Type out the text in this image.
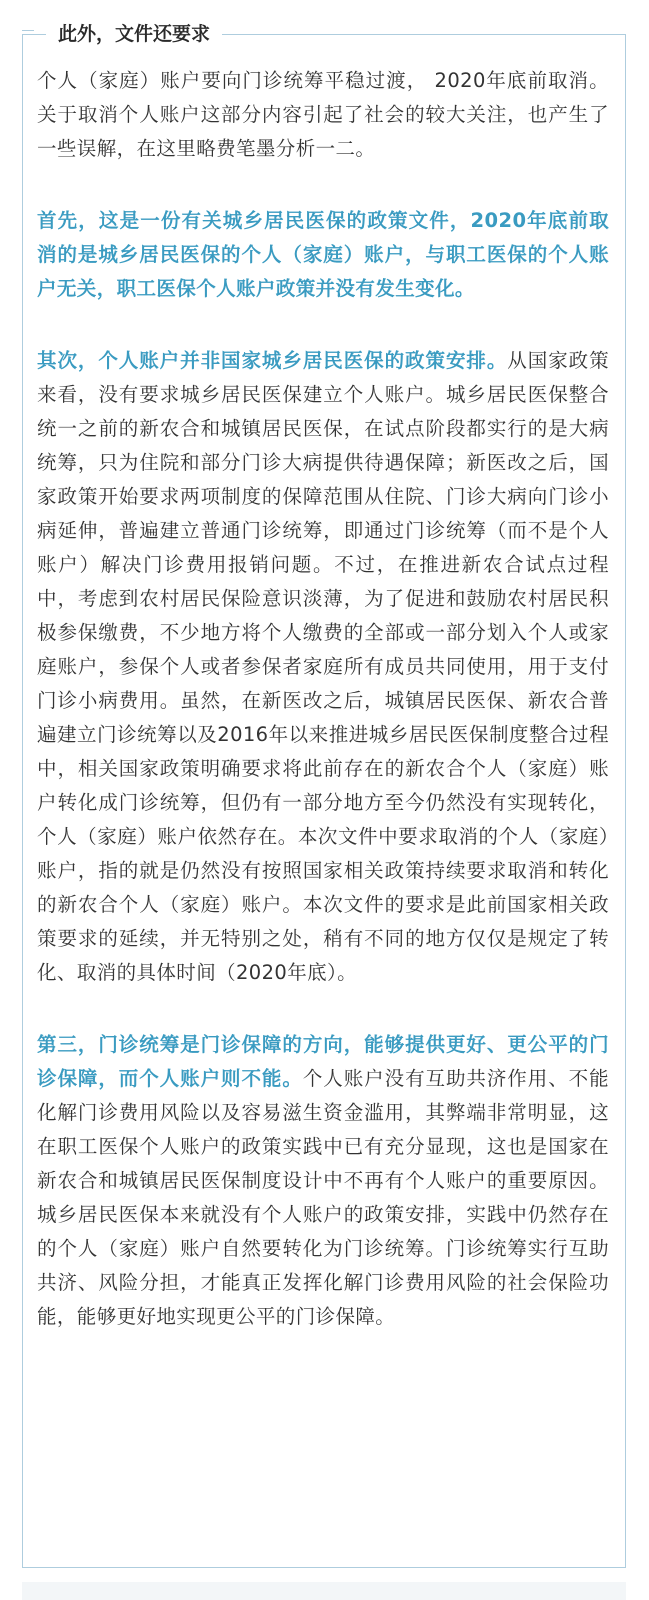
此外，文件还要求

个人（家庭）账户要向门诊统筹平稳过渡， 2020年底前取消。关于取消个人账户这部分内容引起了社会的较大关注，也产生了一些误解，在这里略费笔墨分析一二。

首先，这是一份有关城乡居民医保的政策文件，2020年底前取消的是城乡居民医保的个人（家庭）账户，与职工医保的个人账户无关，职工医保个人账户政策并没有发生变化。

其次，个人账户并非国家城乡居民医保的政策安排。从国家政策来看，没有要求城乡居民医保建立个人账户。城乡居民医保整合统一之前的新农合和城镇居民医保，在试点阶段都实行的是大病统筹，只为住院和部分门诊大病提供待遇保障；新医改之后，国家政策开始要求两项制度的保障范围从住院、门诊大病向门诊小病延伸，普遍建立普通门诊统筹，即通过门诊统筹（而不是个人账户）解决门诊费用报销问题。不过，在推进新农合试点过程中，考虑到农村居民保险意识淡薄，为了促进和鼓励农村居民积极参保缴费，不少地方将个人缴费的全部或一部分划入个人或家庭账户，参保个人或者参保者家庭所有成员共同使用，用于支付门诊小病费用。虽然，在新医改之后，城镇居民医保、新农合普遍建立门诊统筹以及2016年以来推进城乡居民医保制度整合过程中，相关国家政策明确要求将此前存在的新农合个人（家庭）账户转化成门诊统筹，但仍有一部分地方至今仍然没有实现转化，个人（家庭）账户依然存在。本次文件中要求取消的个人（家庭）账户，指的就是仍然没有按照国家相关政策持续要求取消和转化的新农合个人（家庭）账户。本次文件的要求是此前国家相关政策要求的延续，并无特别之处，稍有不同的地方仅仅是规定了转化、取消的具体时间（2020年底）。

第三，门诊统筹是门诊保障的方向，能够提供更好、更公平的门诊保障，而个人账户则不能。个人账户没有互助共济作用、不能化解门诊费用风险以及容易滋生资金滥用，其弊端非常明显，这在职工医保个人账户的政策实践中已有充分显现，这也是国家在新农合和城镇居民医保制度设计中不再有个人账户的重要原因。城乡居民医保本来就没有个人账户的政策安排，实践中仍然存在的个人（家庭）账户自然要转化为门诊统筹。门诊统筹实行互助共济、风险分担，才能真正发挥化解门诊费用风险的社会保险功能，能够更好地实现更公平的门诊保障。
